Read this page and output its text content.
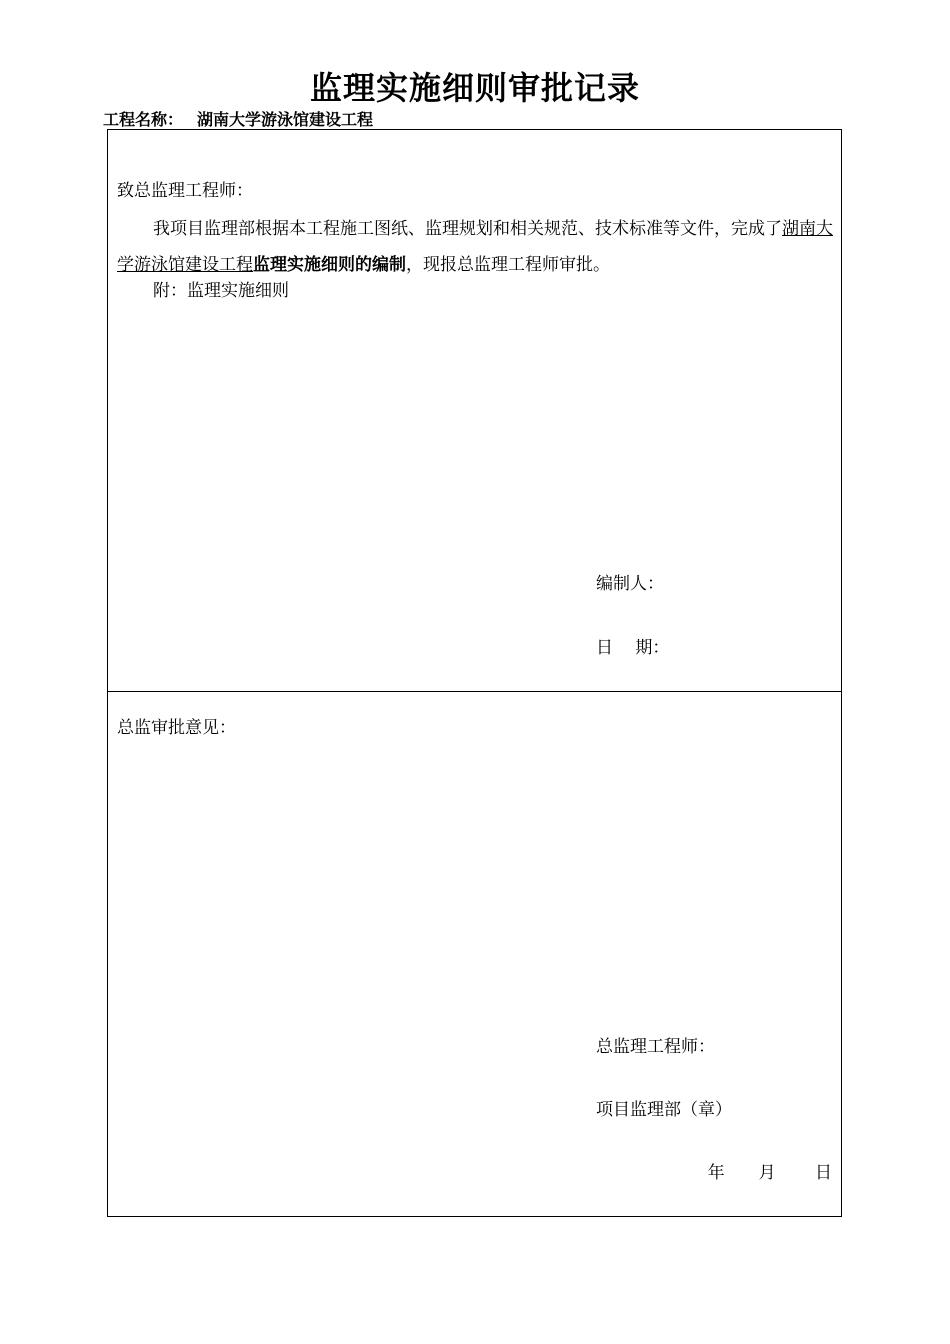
监理实施细则审批记录
工程名称： 湖南大学游泳馆建设工程
致总监理工程师：
我项目监理部根据本工程施工图纸、监理规划和相关规范、技术标准等文件，完成了湖南大学游泳馆建设工程监理实施细则的编制，现报总监理工程师审批。
附：监理实施细则
编制人：
日　 期：
总监审批意见：
总监理工程师：
项目监理部（章）
年　　月　　 日
